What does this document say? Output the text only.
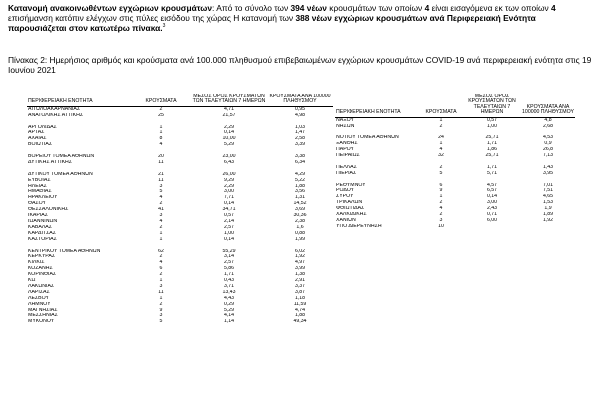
Κατανομή ανακοινωθέντων εγχώριων κρουσμάτων: Από το σύνολο των 394 νέων κρουσμάτων των οποίων 4 είναι εισαγόμενα εκ των οποίων 4 επισήμανση κατόπιν ελέγχων στις πύλες εισόδου της χώρας Η κατανομή των 388 νέων εγχώριων κρουσμάτων ανά Περιφερειακή Ενότητα παρουσιάζεται στον κατωτέρω πίνακα.$^3$
Πίνακας 2: Ημερήσιος αριθμός και κρούσματα ανά 100.000 πληθυσμού επιβεβαιωμένων εγχώριων κρουσμάτων COVID-19 ανά περιφερειακή ενότητα στις 19 Ιουνίου 2021
ΠΕΡΙΦΕΡΕΙΑΚΗ ΕΝΟΤΗΤΑ	ΚΡΟΥΣΜΑΤΑ	ΜΕΣΟΣ ΟΡΟΣ ΚΡΟΥΣΜΑΤΩΝ ΤΩΝ ΤΕΛΕΥΤΑΙΩΝ 7 ΗΜΕΡΩΝ	ΚΡΟΥΣΜΑΤΑ ΑΝΑ 100000 ΠΛΗΘΥΣΜΟΥ
ΑΙΤΩΛΟΑΚΑΡΝΑΝΙΑΣ	2	4,71	0,95
ΑΝΑΤΟΛΙΚΗΣ ΑΤΤΙΚΗΣ	25	21,57	4,98

ΑΡΓΟΛΙΔΑΣ	1	2,29	1,03
ΑΡΤΑΣ	1	0,14	1,47
ΑΧΑΪΑΣ	8	10,00	2,58
ΒΟΙΩΤΙΑΣ	4	5,29	3,39

ΒΟΡΕΙΟΥ ΤΟΜΕΑ ΑΘΗΝΩΝ	20	23,00	3,38
ΔΥΤΙΚΗΣ ΑΤΤΙΚΗΣ	11	6,43	6,34

ΔΥΤΙΚΟΥ ΤΟΜΕΑ ΑΘΗΝΩΝ	21	26,00	4,29
ΕΥΒΟΙΑΣ	11	9,29	5,22
ΗΛΕΙΑΣ	3	2,29	1,88
ΗΜΑΘΙΑΣ	5	3,00	3,56
ΗΡΑΚΛΕΙΟΥ	4	7,71	1,31
ΘΑΣΟΥ	2	0,14	14,52
ΘΕΣΣΑΛΟΝΙΚΗΣ	41	34,71	3,69
ΙΚΑΡΙΑΣ	3	0,57	30,36
ΙΩΑΝΝΙΝΩΝ	4	2,14	2,38
ΚΑΒΑΛΑΣ	2	2,57	1,6
ΚΑΡΔΙΤΣΑΣ	1	1,00	0,88
ΚΑΣΤΟΡΙΑΣ	1	0,14	1,99

ΚΕΝΤΡΙΚΟΥ ΤΟΜΕΑ ΑΘΗΝΩΝ	62	55,29	6,02
ΚΕΡΚΥΡΑΣ	2	3,14	1,92
ΚΙΛΚΙΣ	4	2,57	4,97
ΚΟΖΑΝΗΣ	6	5,86	3,99
ΚΟΡΙΝΘΙΑΣ	2	1,71	1,38
ΚΩ	1	0,43	2,91
ΛΑΚΩΝΙΑΣ	3	3,71	3,37
ΛΑΡΙΣΑΣ	11	13,43	3,87
ΛΕΣΒΟΥ	1	4,43	1,18
ΛΗΜΝΟΥ	2	0,29	11,59
ΜΑΓΝΗΣΙΑΣ	9	5,29	4,74
ΜΕΣΣΗΝΙΑΣ	3	4,14	1,88
ΜΥΚΟΝΟΥ	5	1,14	49,34
ΠΕΡΙΦΕΡΕΙΑΚΗ ΕΝΟΤΗΤΑ	ΚΡΟΥΣΜΑΤΑ	ΜΕΣΟΣ ΟΡΟΣ ΚΡΟΥΣΜΑΤΩΝ ΤΩΝ ΤΕΛΕΥΤΑΙΩΝ 7 ΗΜΕΡΩΝ	ΚΡΟΥΣΜΑΤΑ ΑΝΑ 100000 ΠΛΗΘΥΣΜΟΥ
ΝΑΞΟΥ	1	0,57	4,8
ΝΗΣΩΝ	2	1,00	2,68

ΝΟΤΙΟΥ ΤΟΜΕΑ ΑΘΗΝΩΝ	24	25,71	4,53
ΞΑΝΘΗΣ	1	1,71	0,9
ΠΑΡΟΥ	4	1,86	26,8
ΠΕΙΡΑΙΩΣ	32	25,71	7,13

ΠΕΛΛΑΣ	2	1,71	1,43
ΠΙΕΡΙΑΣ	5	5,71	3,95

ΡΕΘΥΜΝΟΥ	6	4,57	7,01
ΡΟΔΟΥ	9	6,57	7,51
ΣΥΡΟΥ	1	0,14	4,65
ΤΡΙΚΑΛΩΝ	2	3,00	1,53
ΦΘΙΩΤΙΔΑΣ	4	2,43	1,9
ΧΑΛΚΙΔΙΚΗΣ	2	0,71	1,89
ΧΑΝΙΩΝ	3	6,00	1,92
ΥΠΟ ΔΙΕΡΕΥΝΗΣΗ	10		
